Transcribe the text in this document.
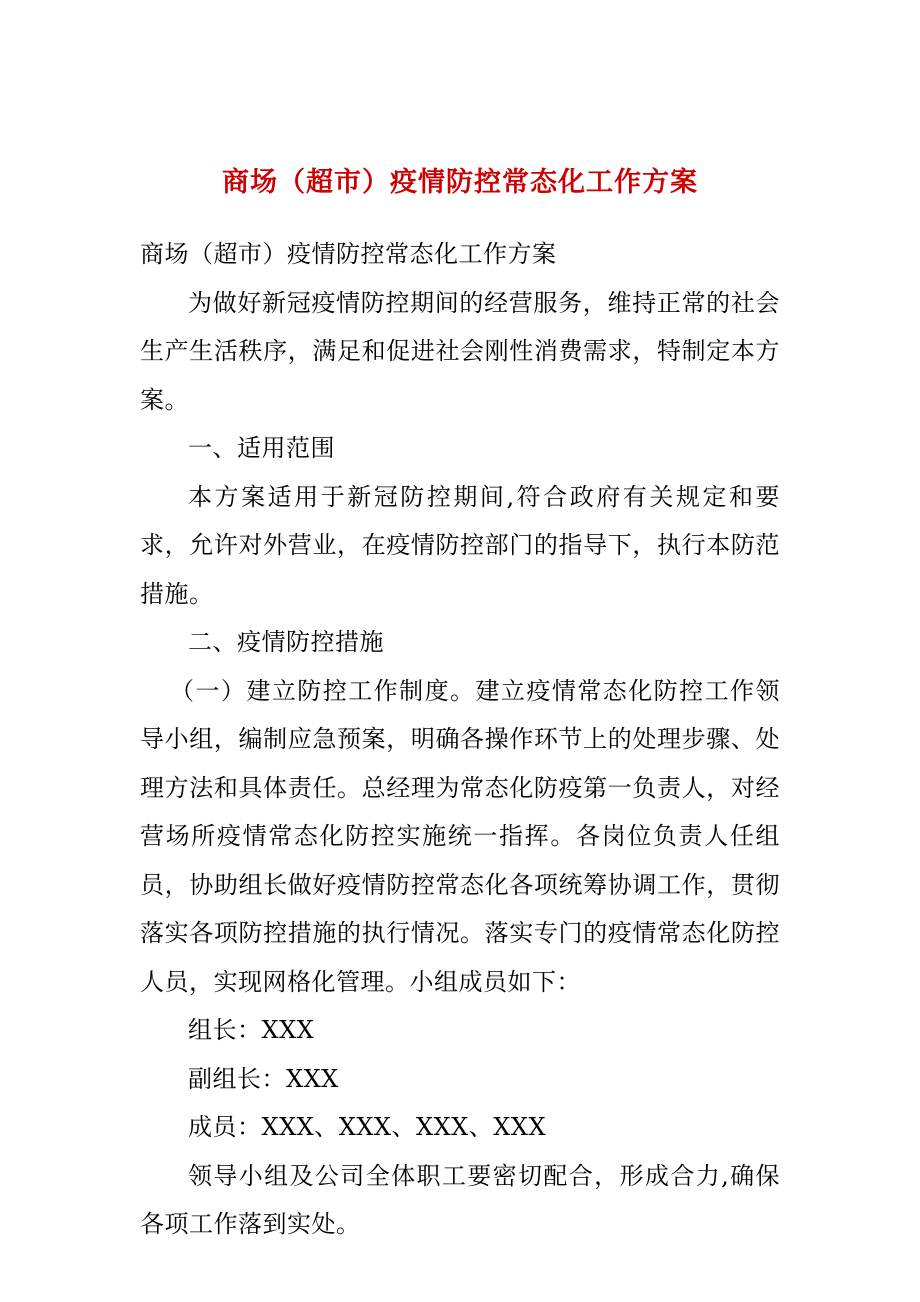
商场（超市）疫情防控常态化工作方案

商场（超市）疫情防控常态化工作方案

为做好新冠疫情防控期间的经营服务，维持正常的社会生产生活秩序，满足和促进社会刚性消费需求，特制定本方案。

一、适用范围

本方案适用于新冠防控期间,符合政府有关规定和要求，允许对外营业，在疫情防控部门的指导下，执行本防范措施。

二、疫情防控措施

（一）建立防控工作制度。建立疫情常态化防控工作领导小组，编制应急预案，明确各操作环节上的处理步骤、处理方法和具体责任。总经理为常态化防疫第一负责人，对经营场所疫情常态化防控实施统一指挥。各岗位负责人任组员，协助组长做好疫情防控常态化各项统筹协调工作，贯彻落实各项防控措施的执行情况。落实专门的疫情常态化防控人员，实现网格化管理。小组成员如下：

组长：XXX

副组长：XXX

成员：XXX、XXX、XXX、XXX

领导小组及公司全体职工要密切配合，形成合力,确保各项工作落到实处。
